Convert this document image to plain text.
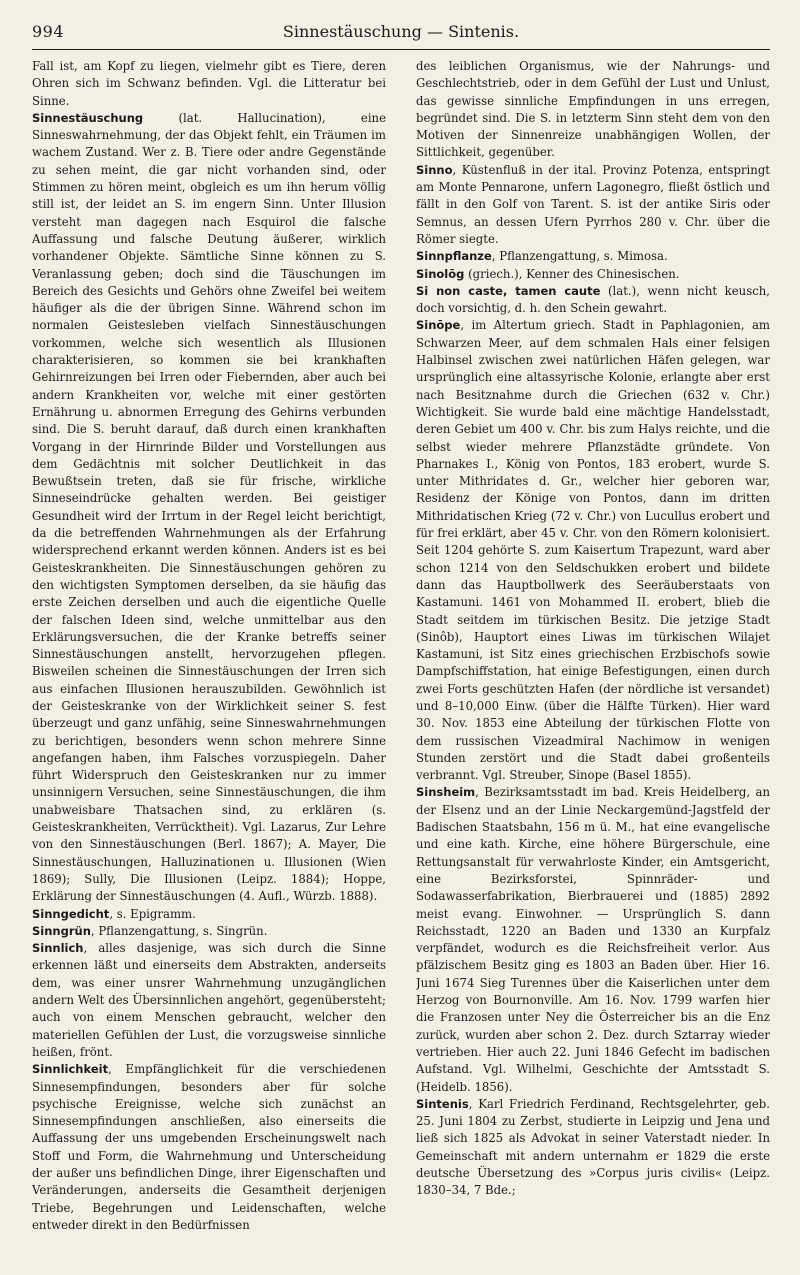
Sinnestäuschung — Sintenis.
994

Fall ist, am Kopf zu liegen, vielmehr gibt es Tiere, deren Ohren sich im Schwanz befinden. Vgl. die Litteratur bei Sinne.

Sinnestäuschung (lat. Hallucination), eine Sinneswahrnehmung, der das Objekt fehlt, ein Träumen im wachem Zustand. Wer z. B. Tiere oder andre Gegenstände zu sehen meint, die gar nicht vorhanden sind, oder Stimmen zu hören meint, obgleich es um ihn herum völlig still ist, der leidet an S. im engern Sinn. Unter Illusion versteht man dagegen nach Esquirol die falsche Auffassung und falsche Deutung äußerer, wirklich vorhandener Objekte. Sämtliche Sinne können zu S. Veranlassung geben; doch sind die Täuschungen im Bereich des Gesichts und Gehörs ohne Zweifel bei weitem häufiger als die der übrigen Sinne. Während schon im normalen Geistesleben vielfach Sinnestäuschungen vorkommen, welche sich wesentlich als Illusionen charakterisieren, so kommen sie bei krankhaften Gehirnreizungen bei Irren oder Fiebernden, aber auch bei andern Krankheiten vor, welche mit einer gestörten Ernährung u. abnormen Erregung des Gehirns verbunden sind. Die S. beruht darauf, daß durch einen krankhaften Vorgang in der Hirnrinde Bilder und Vorstellungen aus dem Gedächtnis mit solcher Deutlichkeit in das Bewußtsein treten, daß sie für frische, wirkliche Sinneseindrücke gehalten werden. Bei geistiger Gesundheit wird der Irrtum in der Regel leicht berichtigt, da die betreffenden Wahrnehmungen als der Erfahrung widersprechend erkannt werden können. Anders ist es bei Geisteskrankheiten. Die Sinnestäuschungen gehören zu den wichtigsten Symptomen derselben, da sie häufig das erste Zeichen derselben und auch die eigentliche Quelle der falschen Ideen sind, welche unmittelbar aus den Erklärungsversuchen, die der Kranke betreffs seiner Sinnestäuschungen anstellt, hervorzugehen pflegen. Bisweilen scheinen die Sinnestäuschungen der Irren sich aus einfachen Illusionen herauszubilden. Gewöhnlich ist der Geisteskranke von der Wirklichkeit seiner S. fest überzeugt und ganz unfähig, seine Sinneswahrnehmungen zu berichtigen, besonders wenn schon mehrere Sinne angefangen haben, ihm Falsches vorzuspiegeln. Daher führt Widerspruch den Geisteskranken nur zu immer unsinnigern Versuchen, seine Sinnestäuschungen, die ihm unabweisbare Thatsachen sind, zu erklären (s. Geisteskrankheiten, Verrücktheit). Vgl. Lazarus, Zur Lehre von den Sinnestäuschungen (Berl. 1867); A. Mayer, Die Sinnestäuschungen, Halluzinationen u. Illusionen (Wien 1869); Sully, Die Illusionen (Leipz. 1884); Hoppe, Erklärung der Sinnestäuschungen (4. Aufl., Würzb. 1888).

Sinngedicht, s. Epigramm.

Sinngrün, Pflanzengattung, s. Singrün.

Sinnlich, alles dasjenige, was sich durch die Sinne erkennen läßt und einerseits dem Abstrakten, anderseits dem, was einer unsrer Wahrnehmung unzugänglichen andern Welt des Übersinnlichen angehört, gegenübersteht; auch von einem Menschen gebraucht, welcher den materiellen Gefühlen der Lust, die vorzugsweise sinnliche heißen, frönt.

Sinnlichkeit, Empfänglichkeit für die verschiedenen Sinnesempfindungen, besonders aber für solche psychische Ereignisse, welche sich zunächst an Sinnesempfindungen anschließen, also einerseits die Auffassung der uns umgebenden Erscheinungswelt nach Stoff und Form, die Wahrnehmung und Unterscheidung der außer uns befindlichen Dinge, ihrer Eigenschaften und Veränderungen, anderseits die Gesamtheit derjenigen Triebe, Begehrungen und Leidenschaften, welche entweder direkt in den Bedürfnissen

des leiblichen Organismus, wie der Nahrungs- und Geschlechtstrieb, oder in dem Gefühl der Lust und Unlust, das gewisse sinnliche Empfindungen in uns erregen, begründet sind. Die S. in letzterm Sinn steht dem von den Motiven der Sinnenreize unabhängigen Wollen, der Sittlichkeit, gegenüber.

Sinno, Küstenfluß in der ital. Provinz Potenza, entspringt am Monte Pennarone, unfern Lagonegro, fließt östlich und fällt in den Golf von Tarent. S. ist der antike Siris oder Semnus, an dessen Ufern Pyrrhos 280 v. Chr. über die Römer siegte.

Sinnpflanze, Pflanzengattung, s. Mimosa.

Sinolōg (griech.), Kenner des Chinesischen.

Si non caste, tamen caute (lat.), wenn nicht keusch, doch vorsichtig, d. h. den Schein gewahrt.

Sinōpe, im Altertum griech. Stadt in Paphlagonien, am Schwarzen Meer, auf dem schmalen Hals einer felsigen Halbinsel zwischen zwei natürlichen Häfen gelegen, war ursprünglich eine altassyrische Kolonie, erlangte aber erst nach Besitznahme durch die Griechen (632 v. Chr.) Wichtigkeit. Sie wurde bald eine mächtige Handelsstadt, deren Gebiet um 400 v. Chr. bis zum Halys reichte, und die selbst wieder mehrere Pflanzstädte gründete. Von Pharnakes I., König von Pontos, 183 erobert, wurde S. unter Mithridates d. Gr., welcher hier geboren war, Residenz der Könige von Pontos, dann im dritten Mithridatischen Krieg (72 v. Chr.) von Lucullus erobert und für frei erklärt, aber 45 v. Chr. von den Römern kolonisiert. Seit 1204 gehörte S. zum Kaisertum Trapezunt, ward aber schon 1214 von den Seldschukken erobert und bildete dann das Hauptbollwerk des Seeräuberstaats von Kastamuni. 1461 von Mohammed II. erobert, blieb die Stadt seitdem im türkischen Besitz. Die jetzige Stadt (Sinôb), Hauptort eines Liwas im türkischen Wilajet Kastamuni, ist Sitz eines griechischen Erzbischofs sowie Dampfschiffstation, hat einige Befestigungen, einen durch zwei Forts geschützten Hafen (der nördliche ist versandet) und 8–10,000 Einw. (über die Hälfte Türken). Hier ward 30. Nov. 1853 eine Abteilung der türkischen Flotte von dem russischen Vizeadmiral Nachimow in wenigen Stunden zerstört und die Stadt dabei großenteils verbrannt. Vgl. Streuber, Sinope (Basel 1855).

Sinsheim, Bezirksamtsstadt im bad. Kreis Heidelberg, an der Elsenz und an der Linie Neckargemünd-Jagstfeld der Badischen Staatsbahn, 156 m ü. M., hat eine evangelische und eine kath. Kirche, eine höhere Bürgerschule, eine Rettungsanstalt für verwahrloste Kinder, ein Amtsgericht, eine Bezirksforstei, Spinnräder- und Sodawasserfabrikation, Bierbrauerei und (1885) 2892 meist evang. Einwohner. — Ursprünglich S. dann Reichsstadt, 1220 an Baden und 1330 an Kurpfalz verpfändet, wodurch es die Reichsfreiheit verlor. Aus pfälzischem Besitz ging es 1803 an Baden über. Hier 16. Juni 1674 Sieg Turennes über die Kaiserlichen unter dem Herzog von Bournonville. Am 16. Nov. 1799 warfen hier die Franzosen unter Ney die Österreicher bis an die Enz zurück, wurden aber schon 2. Dez. durch Sztarray wieder vertrieben. Hier auch 22. Juni 1846 Gefecht im badischen Aufstand. Vgl. Wilhelmi, Geschichte der Amtsstadt S. (Heidelb. 1856).

Sintenis, Karl Friedrich Ferdinand, Rechtsgelehrter, geb. 25. Juni 1804 zu Zerbst, studierte in Leipzig und Jena und ließ sich 1825 als Advokat in seiner Vaterstadt nieder. In Gemeinschaft mit andern unternahm er 1829 die erste deutsche Übersetzung des »Corpus juris civilis« (Leipz. 1830–34, 7 Bde.;
